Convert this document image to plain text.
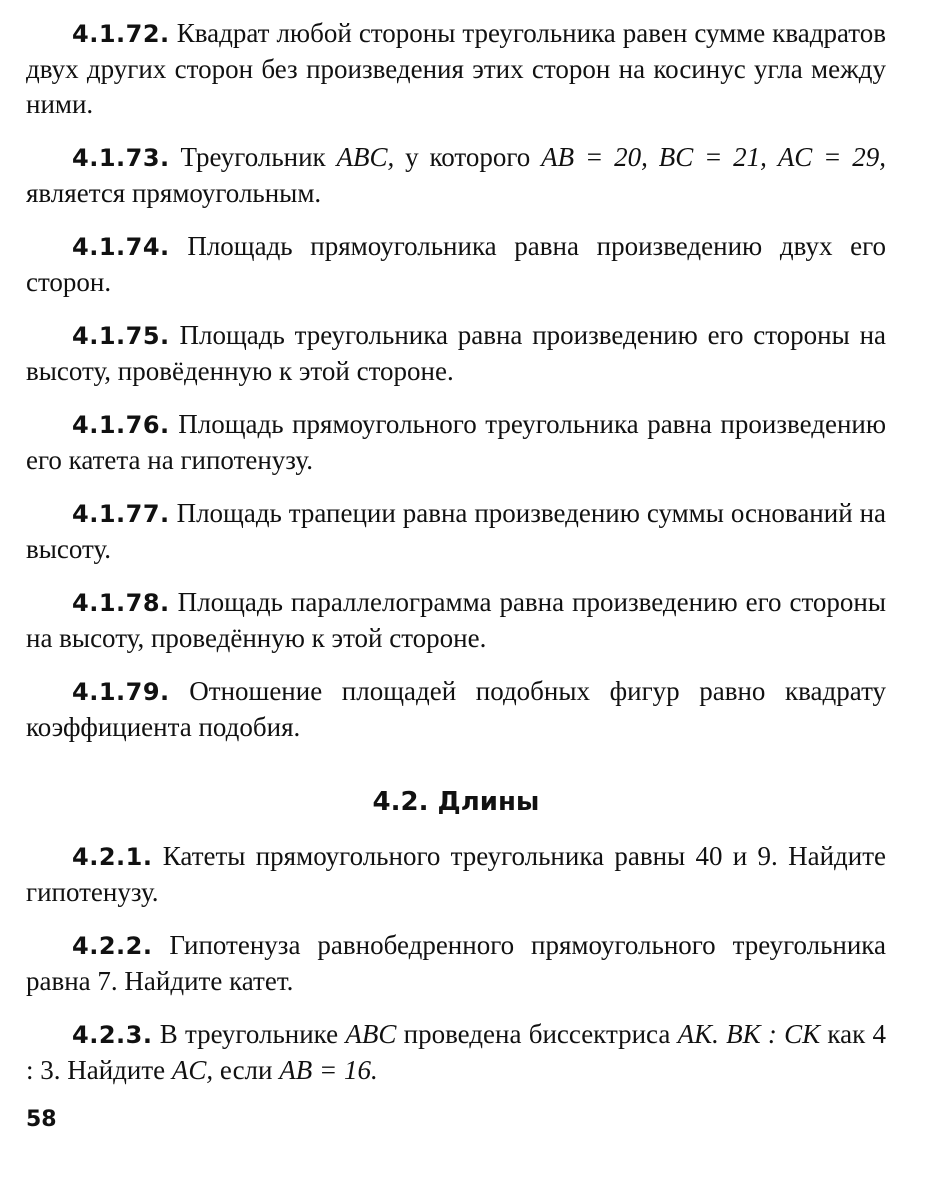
4.1.72. Квадрат любой стороны треугольника равен сумме квадратов двух других сторон без произведения этих сторон на косинус угла между ними.

4.1.73. Треугольник ABC, у которого AB = 20, BC = 21, AC = 29, является прямоугольным.

4.1.74. Площадь прямоугольника равна произведению двух его сторон.

4.1.75. Площадь треугольника равна произведению его стороны на высоту, провёденную к этой стороне.

4.1.76. Площадь прямоугольного треугольника равна произведению его катета на гипотенузу.

4.1.77. Площадь трапеции равна произведению суммы оснований на высоту.

4.1.78. Площадь параллелограмма равна произведению его стороны на высоту, проведённую к этой стороне.

4.1.79. Отношение площадей подобных фигур равно квадрату коэффициента подобия.

4.2. Длины

4.2.1. Катеты прямоугольного треугольника равны 40 и 9. Найдите гипотенузу.

4.2.2. Гипотенуза равнобедренного прямоугольного треугольника равна 7. Найдите катет.

4.2.3. В треугольнике ABC проведена биссектриса AK. BK : CK как 4 : 3. Найдите AC, если AB = 16.

58
